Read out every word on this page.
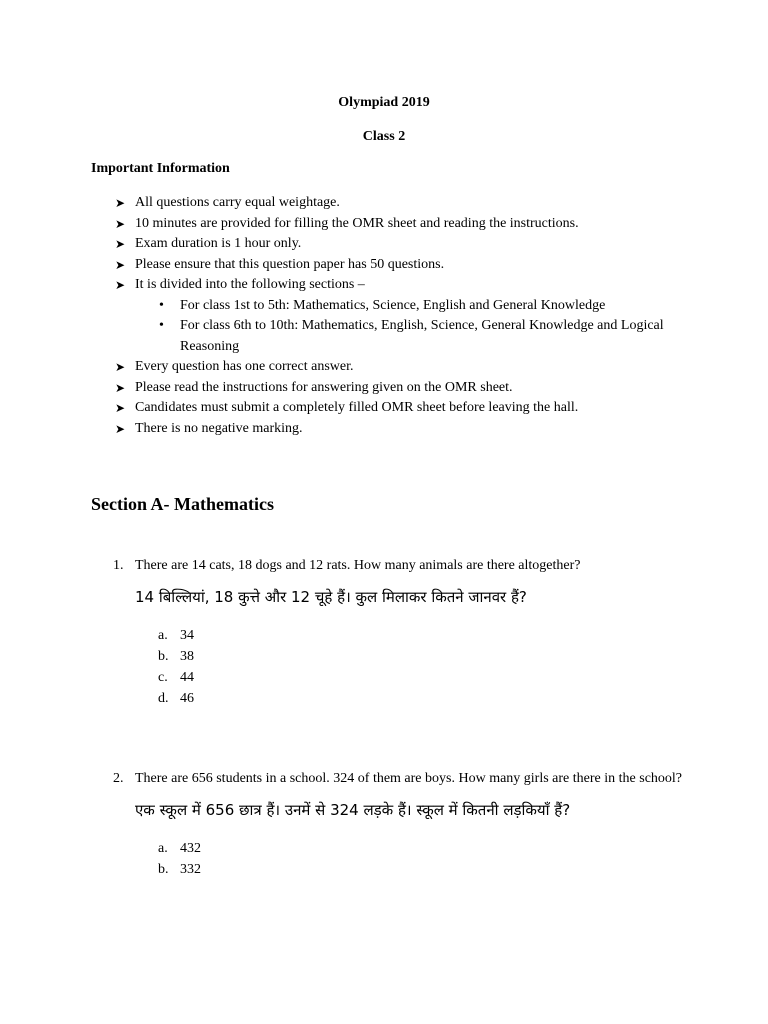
Olympiad 2019
Class 2
Important Information
➤ All questions carry equal weightage.
➤ 10 minutes are provided for filling the OMR sheet and reading the instructions.
➤ Exam duration is 1 hour only.
➤ Please ensure that this question paper has 50 questions.
➤ It is divided into the following sections –
• For class 1st to 5th: Mathematics, Science, English and General Knowledge
• For class 6th to 10th: Mathematics, English, Science, General Knowledge and Logical Reasoning
➤ Every question has one correct answer.
➤ Please read the instructions for answering given on the OMR sheet.
➤ Candidates must submit a completely filled OMR sheet before leaving the hall.
➤ There is no negative marking.
Section A- Mathematics
1. There are 14 cats, 18 dogs and 12 rats. How many animals are there altogether?
14 बिल्लियां, 18 कुत्ते और 12 चूहे हैं। कुल मिलाकर कितने जानवर हैं?
a. 34
b. 38
c. 44
d. 46
2. There are 656 students in a school. 324 of them are boys. How many girls are there in the school?
एक स्कूल में 656 छात्र हैं। उनमें से 324 लड़के हैं। स्कूल में कितनी लड़कियाँ हैं?
a. 432
b. 332
